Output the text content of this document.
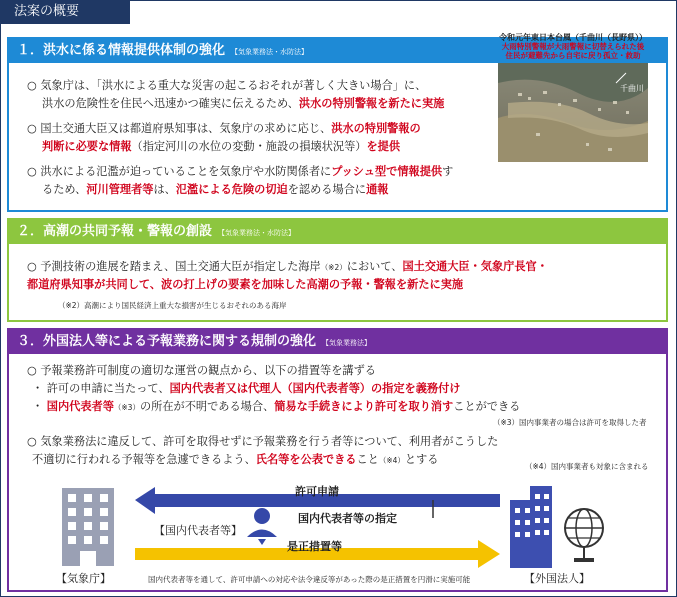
法案の概要
１．洪水に係る情報提供体制の強化 【気象業務法・水防法】
○ 気象庁は、「洪水による重大な災害の起こるおそれが著しく大きい場合」に、
洪水の危険性を住民へ迅速かつ確実に伝えるため、洪水の特別警報を新たに実施
○ 国土交通大臣又は都道府県知事は、気象庁の求めに応じ、洪水の特別警報の
判断に必要な情報（指定河川の水位の変動・施設の損壊状況等）を提供
○ 洪水による氾濫が迫っていることを気象庁や水防関係者にプッシュ型で情報提供す
るため、河川管理者等は、氾濫による危険の切迫を認める場合に通報
令和元年東日本台風（千曲川（長野県））
大雨特別警報が大雨警報に切替えられた後
住民が避難先から自宅に戻り孤立・救助
千曲川
２．高潮の共同予報・警報の創設 【気象業務法・水防法】
○ 予測技術の進展を踏まえ、国土交通大臣が指定した海岸（※2）において、国土交通大臣・気象庁長官・
都道府県知事が共同して、波の打上げの要素を加味した高潮の予報・警報を新たに実施
（※2）高潮により国民経済上重大な損害が生じるおそれのある海岸
３．外国法人等による予報業務に関する規制の強化 【気象業務法】
○ 予報業務許可制度の適切な運営の観点から、以下の措置等を講ずる
・ 許可の申請に当たって、国内代表者又は代理人（国内代表者等）の指定を義務付け
・ 国内代表者等（※3）の所在が不明である場合、簡易な手続きにより許可を取り消すことができる
（※3）国内事業者の場合は許可を取得した者
○ 気象業務法に違反して、許可を取得せずに予報業務を行う者等について、利用者がこうした
不適切に行われる予報等を急遽できるよう、氏名等を公表できること（※4）とする
（※4）国内事業者も対象に含まれる
許可申請
国内代表者等の指定
是正措置等
【国内代表者等】
【気象庁】	【外国法人】
国内代表者等を通して、許可申請への対応や法令違反等があった際の是正措置を円滑に実施可能
